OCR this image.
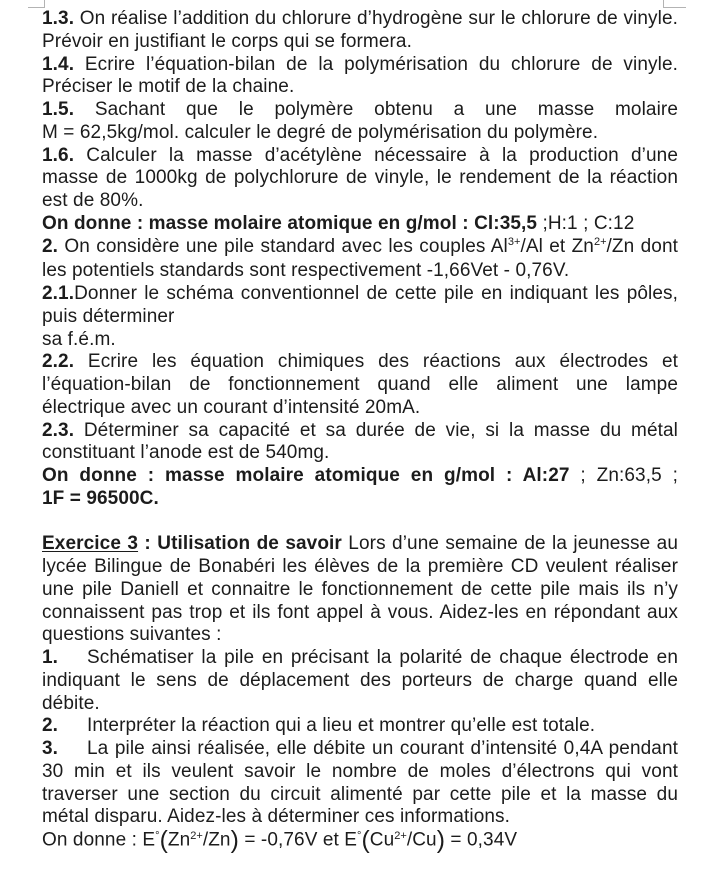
1.3. On réalise l’addition du chlorure d’hydrogène sur le chlorure de vinyle.
Prévoir en justifiant le corps qui se formera.
1.4. Ecrire l’équation-bilan de la polymérisation du chlorure de vinyle.
Préciser le motif de la chaine.
1.5. Sachant que le polymère obtenu a une masse molaire
M = 62,5kg/mol. calculer le degré de polymérisation du polymère.
1.6. Calculer la masse d’acétylène nécessaire à la production d’une
masse de 1000kg de polychlorure de vinyle, le rendement de la réaction
est de 80%.
On donne : masse molaire atomique en g/mol : Cl:35,5 ;H:1 ; C:12
2. On considère une pile standard avec les couples $Al^{3+}/Al$ et $Zn^{2+}/Zn$ dont
les potentiels standards sont respectivement -1,66Vet - 0,76V.
2.1.Donner le schéma conventionnel de cette pile en indiquant les pôles,
puis déterminer
sa f.é.m.
2.2. Ecrire les équation chimiques des réactions aux électrodes et
l’équation-bilan de fonctionnement quand elle aliment une lampe
électrique avec un courant d’intensité 20mA.
2.3. Déterminer sa capacité et sa durée de vie, si la masse du métal
constituant l’anode est de 540mg.
On donne : masse molaire atomique en g/mol : Al:27 ; Zn:63,5 ;
1F = 96500C.
Exercice 3 : Utilisation de savoir Lors d’une semaine de la jeunesse au
lycée Bilingue de Bonabéri les élèves de la première CD veulent réaliser
une pile Daniell et connaitre le fonctionnement de cette pile mais ils n’y
connaissent pas trop et ils font appel à vous. Aidez-les en répondant aux
questions suivantes :
1. Schématiser la pile en précisant la polarité de chaque électrode en
indiquant le sens de déplacement des porteurs de charge quand elle
débite.
2. Interpréter la réaction qui a lieu et montrer qu’elle est totale.
3. La pile ainsi réalisée, elle débite un courant d’intensité 0,4A pendant
30 min et ils veulent savoir le nombre de moles d’électrons qui vont
traverser une section du circuit alimenté par cette pile et la masse du
métal disparu. Aidez-les à déterminer ces informations.
On donne : $E^\circ(Zn^{2+}/Zn) = -0,76V$ et $E^\circ(Cu^{2+}/Cu) = 0,34V$
